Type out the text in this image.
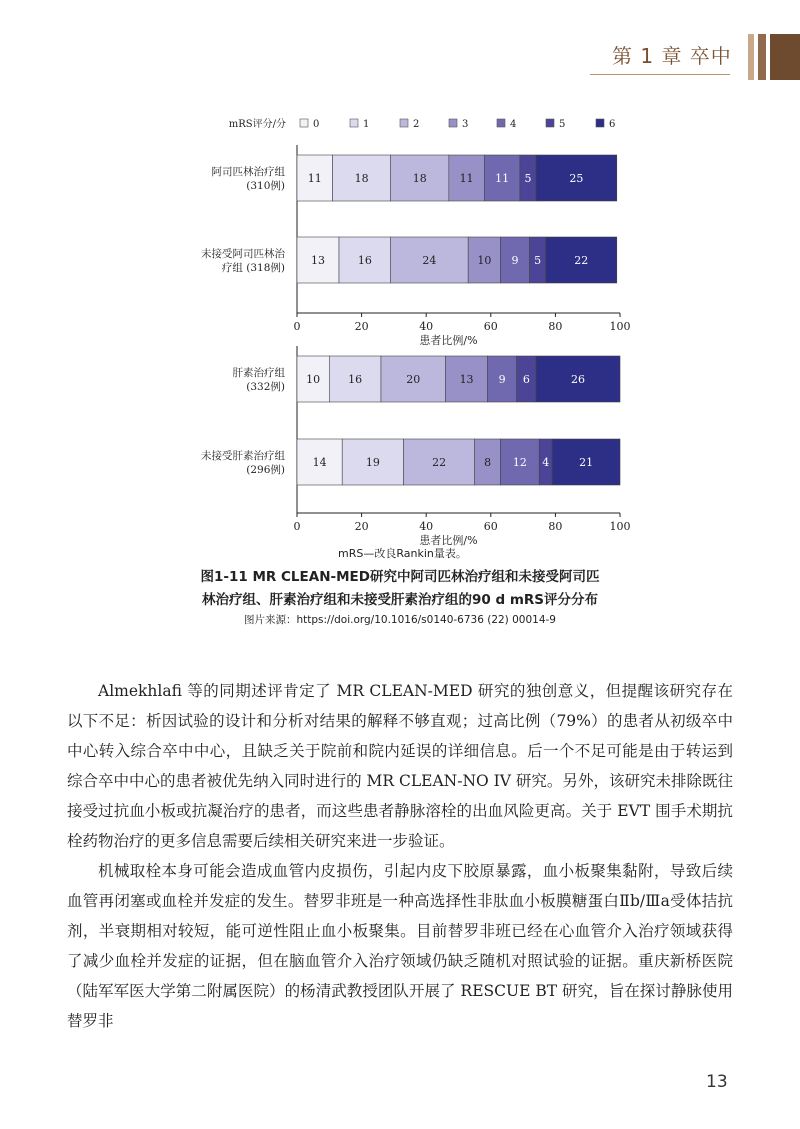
第 1 章 卒中
mRS评分/分	0	1	2	3	4	5	6
0	20	40	60	80	100
患者比例/%
阿司匹林治疗组
(310例)
11	18	18	11 11 5	25
未接受阿司匹林治
疗组 (318例)
13	16	24	10 9 5	22
0	20	40	60	80	100
患者比例/%
肝素治疗组
(332例)
10	16	20	13 9 6	26
未接受肝素治疗组
(296例)
14	19	22	8 12 4	21
mRS—改良Rankin量表。
图1-11 MR CLEAN-MED研究中阿司匹林治疗组和未接受阿司匹
林治疗组、肝素治疗组和未接受肝素治疗组的90 d mRS评分分布
图片来源：https://doi.org/10.1016/s0140-6736 (22) 00014-9

Almekhlafi 等的同期述评肯定了 MR CLEAN-MED 研究的独创意义，但提醒该研究存在以下不足：析因试验的设计和分析对结果的解释不够直观；过高比例（79%）的患者从初级卒中中心转入综合卒中中心，且缺乏关于院前和院内延误的详细信息。后一个不足可能是由于转运到综合卒中中心的患者被优先纳入同时进行的 MR CLEAN-NO IV 研究。另外，该研究未排除既往接受过抗血小板或抗凝治疗的患者，而这些患者静脉溶栓的出血风险更高。关于 EVT 围手术期抗栓药物治疗的更多信息需要后续相关研究来进一步验证。

机械取栓本身可能会造成血管内皮损伤，引起内皮下胶原暴露，血小板聚集黏附，导致后续血管再闭塞或血栓并发症的发生。替罗非班是一种高选择性非肽血小板膜糖蛋白Ⅱb/Ⅲa受体拮抗剂，半衰期相对较短，能可逆性阻止血小板聚集。目前替罗非班已经在心血管介入治疗领域获得了减少血栓并发症的证据，但在脑血管介入治疗领域仍缺乏随机对照试验的证据。重庆新桥医院（陆军军医大学第二附属医院）的杨清武教授团队开展了 RESCUE BT 研究，旨在探讨静脉使用替罗非

13
